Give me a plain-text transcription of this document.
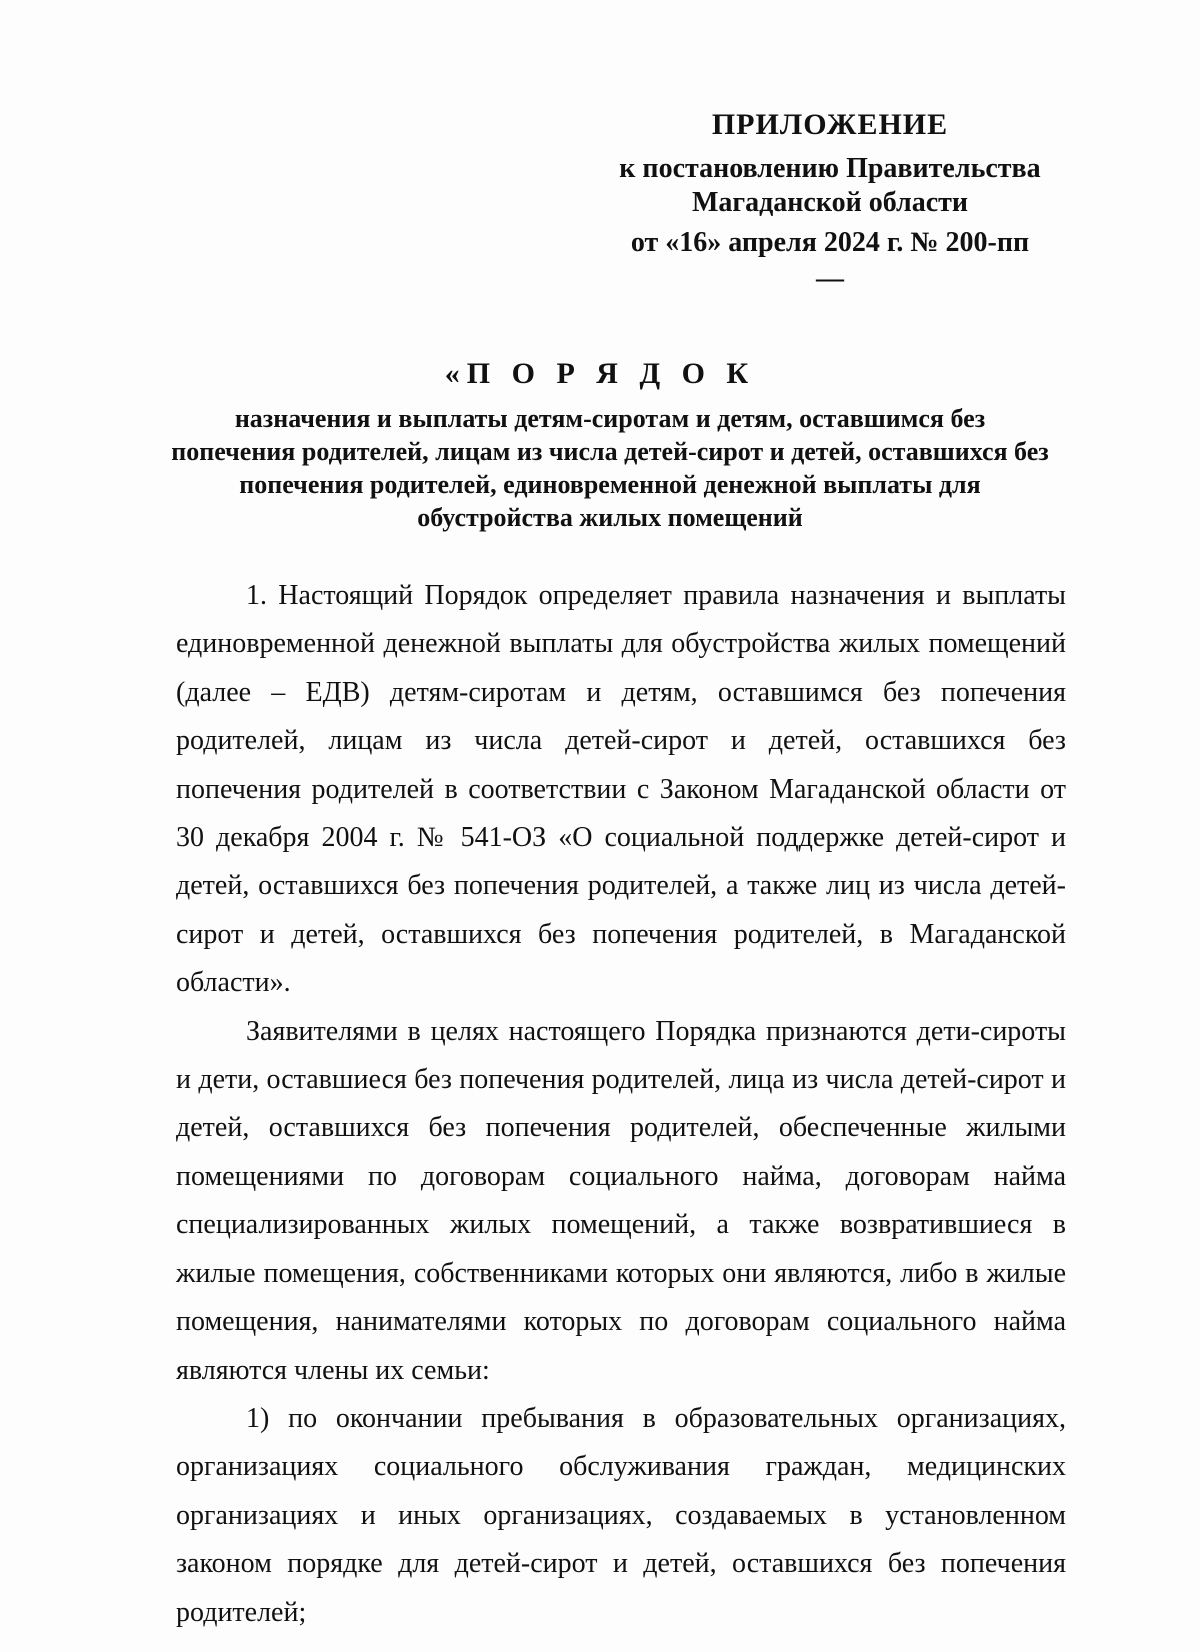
ПРИЛОЖЕНИЕ
к постановлению Правительства
Магаданской области
от «16» апреля 2024 г. № 200-пп
—
«П О Р Я Д О К
назначения и выплаты детям-сиротам и детям, оставшимся без попечения родителей, лицам из числа детей-сирот и детей, оставшихся без попечения родителей, единовременной денежной выплаты для обустройства жилых помещений

1. Настоящий Порядок определяет правила назначения и выплаты единовременной денежной выплаты для обустройства жилых помещений (далее – ЕДВ) детям-сиротам и детям, оставшимся без попечения родителей, лицам из числа детей-сирот и детей, оставшихся без попечения родителей в соответствии с Законом Магаданской области от 30 декабря 2004 г. № 541-ОЗ «О социальной поддержке детей-сирот и детей, оставшихся без попечения родителей, а также лиц из числа детей-сирот и детей, оставшихся без попечения родителей, в Магаданской области».

Заявителями в целях настоящего Порядка признаются дети-сироты и дети, оставшиеся без попечения родителей, лица из числа детей-сирот и детей, оставшихся без попечения родителей, обеспеченные жилыми помещениями по договорам социального найма, договорам найма специализированных жилых помещений, а также возвратившиеся в жилые помещения, собственниками которых они являются, либо в жилые помещения, нанимателями которых по договорам социального найма являются члены их семьи:

1) по окончании пребывания в образовательных организациях, организациях социального обслуживания граждан, медицинских организациях и иных организациях, создаваемых в установленном законом порядке для детей-сирот и детей, оставшихся без попечения родителей;
